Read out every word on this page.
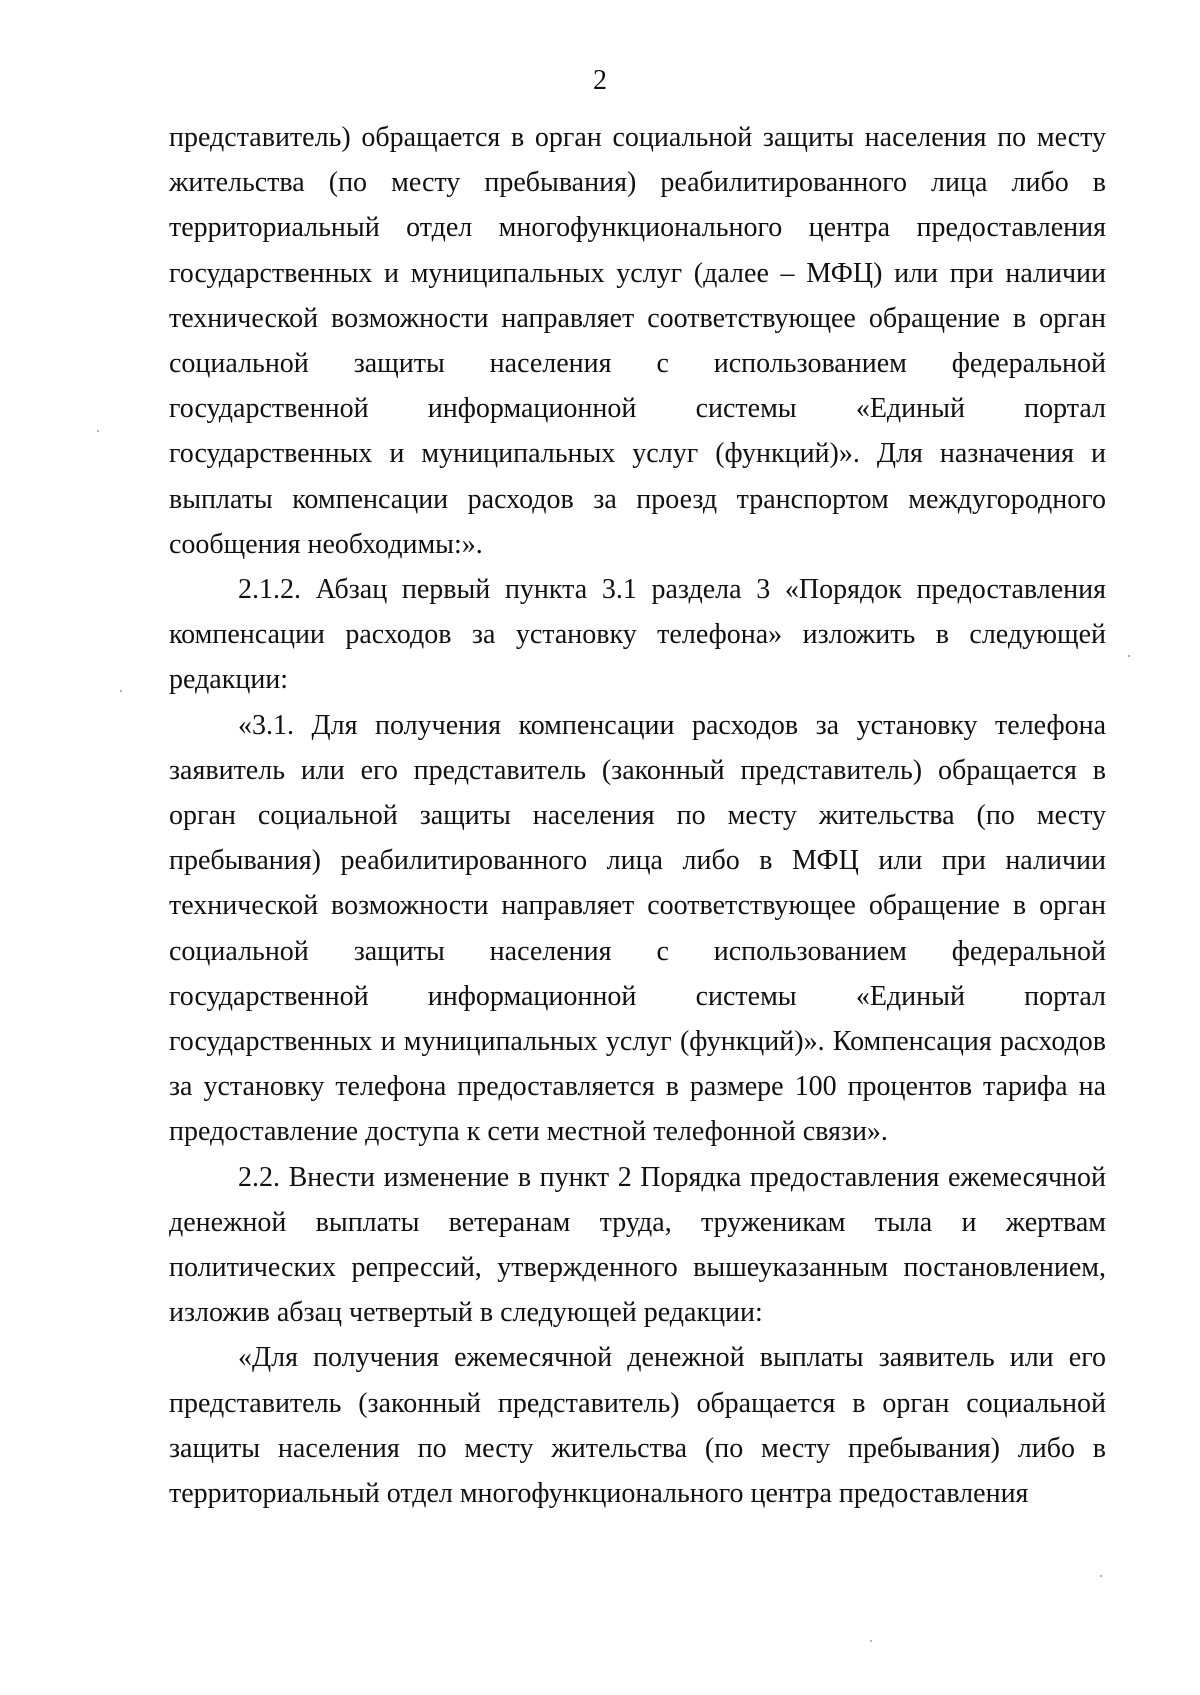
2

представитель) обращается в орган социальной защиты населения по месту жительства (по месту пребывания) реабилитированного лица либо в территориальный отдел многофункционального центра предоставления государственных и муниципальных услуг (далее – МФЦ) или при наличии технической возможности направляет соответствующее обращение в орган социальной защиты населения с использованием федеральной государственной информационной системы «Единый портал государственных и муниципальных услуг (функций)». Для назначения и выплаты компенсации расходов за проезд транспортом междугородного сообщения необходимы:».

2.1.2. Абзац первый пункта 3.1 раздела 3 «Порядок предоставления компенсации расходов за установку телефона» изложить в следующей редакции:

«3.1. Для получения компенсации расходов за установку телефона заявитель или его представитель (законный представитель) обращается в орган социальной защиты населения по месту жительства (по месту пребывания) реабилитированного лица либо в МФЦ или при наличии технической возможности направляет соответствующее обращение в орган социальной защиты населения с использованием федеральной государственной информационной системы «Единый портал государственных и муниципальных услуг (функций)». Компенсация расходов за установку телефона предоставляется в размере 100 процентов тарифа на предоставление доступа к сети местной телефонной связи».

2.2. Внести изменение в пункт 2 Порядка предоставления ежемесячной денежной выплаты ветеранам труда, труженикам тыла и жертвам политических репрессий, утвержденного вышеуказанным постановлением, изложив абзац четвертый в следующей редакции:

«Для получения ежемесячной денежной выплаты заявитель или его представитель (законный представитель) обращается в орган социальной защиты населения по месту жительства (по месту пребывания) либо в территориальный отдел многофункционального центра предоставления
